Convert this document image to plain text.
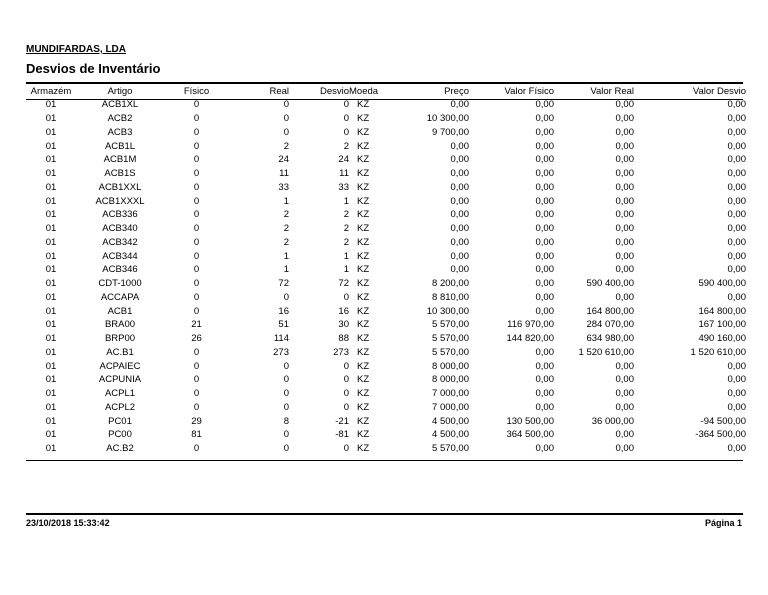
MUNDIFARDAS, LDA
Desvios de Inventário
Armazém	Artigo	Físico	Real	Desvio	Moeda	Preço	Valor Físico	Valor Real	Valor Desvio
01	ACB1XL	0	0	0	KZ	0,00	0,00	0,00	0,00
01	ACB2	0	0	0	KZ	10 300,00	0,00	0,00	0,00
01	ACB3	0	0	0	KZ	9 700,00	0,00	0,00	0,00
01	ACB1L	0	2	2	KZ	0,00	0,00	0,00	0,00
01	ACB1M	0	24	24	KZ	0,00	0,00	0,00	0,00
01	ACB1S	0	11	11	KZ	0,00	0,00	0,00	0,00
01	ACB1XXL	0	33	33	KZ	0,00	0,00	0,00	0,00
01	ACB1XXXL	0	1	1	KZ	0,00	0,00	0,00	0,00
01	ACB336	0	2	2	KZ	0,00	0,00	0,00	0,00
01	ACB340	0	2	2	KZ	0,00	0,00	0,00	0,00
01	ACB342	0	2	2	KZ	0,00	0,00	0,00	0,00
01	ACB344	0	1	1	KZ	0,00	0,00	0,00	0,00
01	ACB346	0	1	1	KZ	0,00	0,00	0,00	0,00
01	CDT-1000	0	72	72	KZ	8 200,00	0,00	590 400,00	590 400,00
01	ACCAPA	0	0	0	KZ	8 810,00	0,00	0,00	0,00
01	ACB1	0	16	16	KZ	10 300,00	0,00	164 800,00	164 800,00
01	BRA00	21	51	30	KZ	5 570,00	116 970,00	284 070,00	167 100,00
01	BRP00	26	114	88	KZ	5 570,00	144 820,00	634 980,00	490 160,00
01	AC.B1	0	273	273	KZ	5 570,00	0,00	1 520 610,00	1 520 610,00
01	ACPAIEC	0	0	0	KZ	8 000,00	0,00	0,00	0,00
01	ACPUNIA	0	0	0	KZ	8 000,00	0,00	0,00	0,00
01	ACPL1	0	0	0	KZ	7 000,00	0,00	0,00	0,00
01	ACPL2	0	0	0	KZ	7 000,00	0,00	0,00	0,00
01	PC01	29	8	-21	KZ	4 500,00	130 500,00	36 000,00	-94 500,00
01	PC00	81	0	-81	KZ	4 500,00	364 500,00	0,00	-364 500,00
01	AC.B2	0	0	0	KZ	5 570,00	0,00	0,00	0,00
23/10/2018 15:33:42	Página 1
